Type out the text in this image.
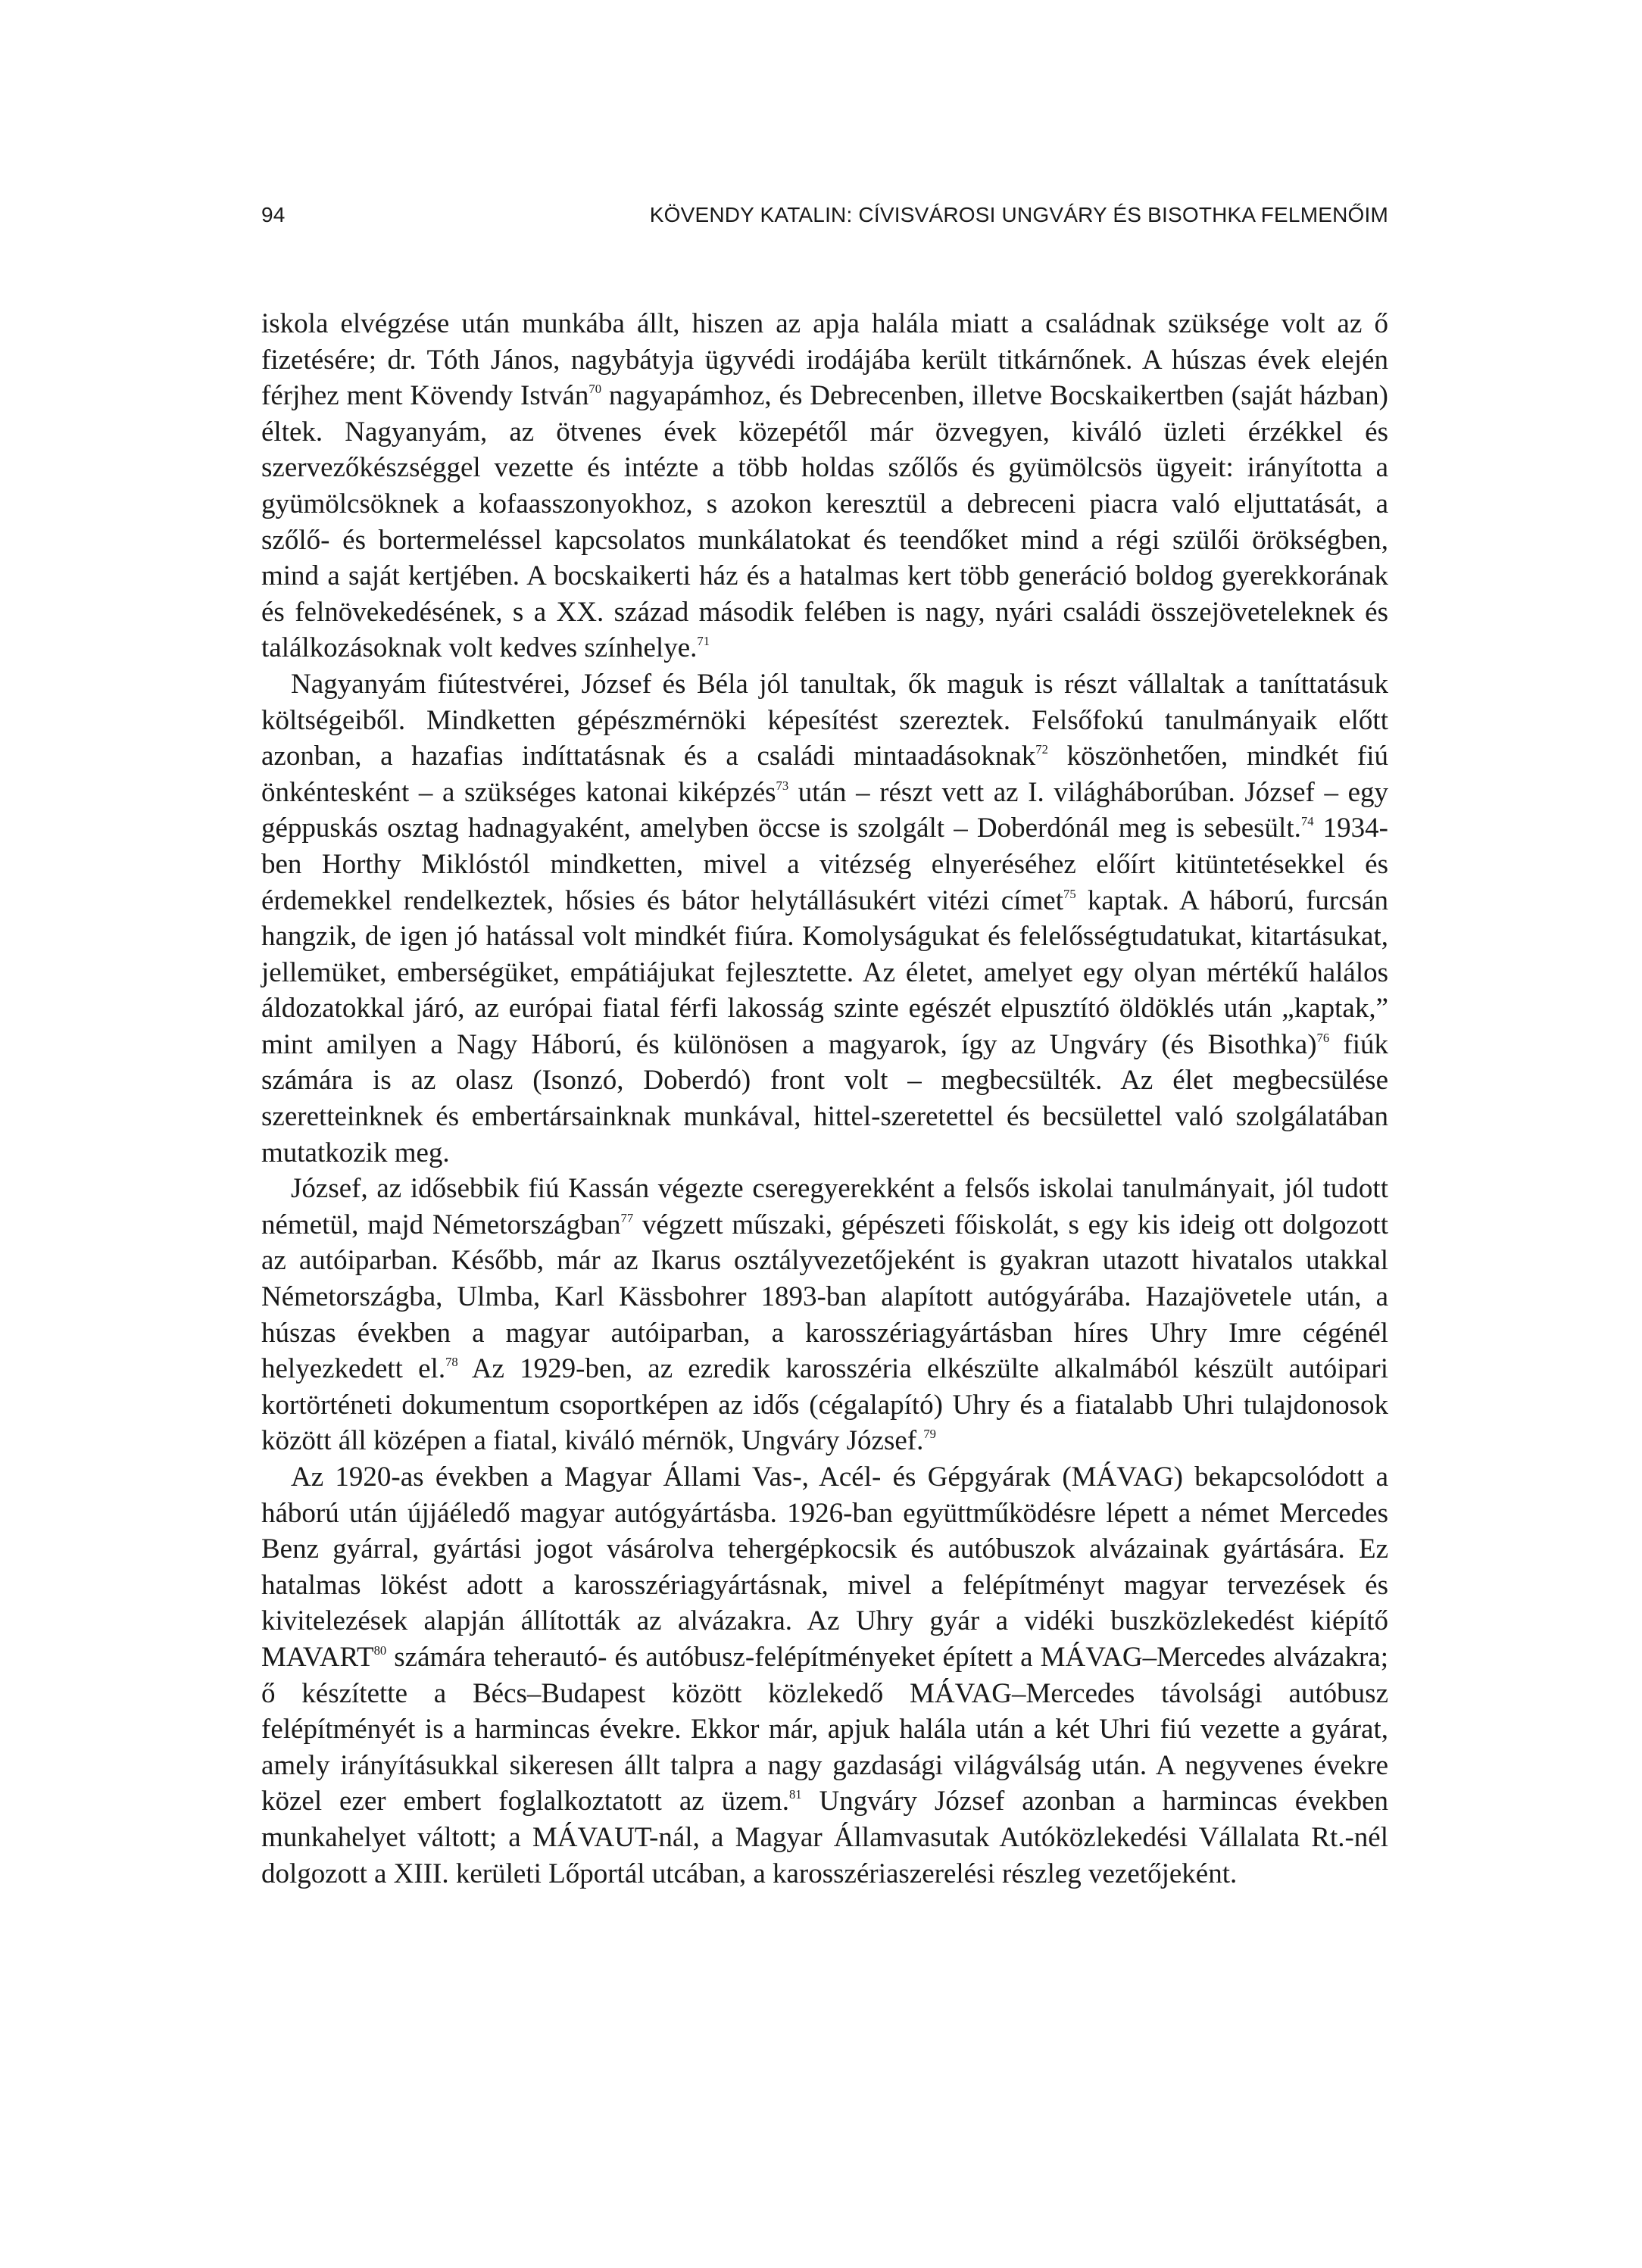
94	KÖVENDY KATALIN: CÍVISVÁROSI UNGVÁRY ÉS BISOTHKA FELMENŐIM

iskola elvégzése után munkába állt, hiszen az apja halála miatt a családnak szüksége volt az ő fizetésére; dr. Tóth János, nagybátyja ügyvédi irodájába került titkárnőnek. A húszas évek elején férjhez ment Kövendy István$^{70}$ nagyapámhoz, és Debrecenben, illetve Bocskaikertben (saját házban) éltek. Nagyanyám, az ötvenes évek közepétől már özvegyen, kiváló üzleti érzékkel és szervezőkészséggel vezette és intézte a több holdas szőlős és gyümölcsös ügyeit: irányította a gyümölcsöknek a kofaasszonyokhoz, s azokon keresztül a debreceni piacra való eljuttatását, a szőlő- és bortermeléssel kapcsolatos munkálatokat és teendőket mind a régi szülői örökségben, mind a saját kertjében. A bocskaikerti ház és a hatalmas kert több generáció boldog gyerekkorának és felnövekedésének, s a XX. század második felében is nagy, nyári családi összejöveteleknek és találkozásoknak volt kedves színhelye.$^{71}$

Nagyanyám fiútestvérei, József és Béla jól tanultak, ők maguk is részt vállaltak a taníttatásuk költségeiből. Mindketten gépészmérnöki képesítést szereztek. Felsőfokú tanulmányaik előtt azonban, a hazafias indíttatásnak és a családi mintaadásoknak$^{72}$ köszönhetően, mindkét fiú önkéntesként – a szükséges katonai kiképzés$^{73}$ után – részt vett az I. világháborúban. József – egy géppuskás osztag hadnagyaként, amelyben öccse is szolgált – Doberdónál meg is sebesült.$^{74}$ 1934-ben Horthy Miklóstól mindketten, mivel a vitézség elnyeréséhez előírt kitüntetésekkel és érdemekkel rendelkeztek, hősies és bátor helytállásukért vitézi címet$^{75}$ kaptak. A háború, furcsán hangzik, de igen jó hatással volt mindkét fiúra. Komolyságukat és felelősségtudatukat, kitartásukat, jellemüket, emberségüket, empátiájukat fejlesztette. Az életet, amelyet egy olyan mértékű halálos áldozatokkal járó, az európai fiatal férfi lakosság szinte egészét elpusztító öldöklés után „kaptak,” mint amilyen a Nagy Háború, és különösen a magyarok, így az Ungváry (és Bisothka)$^{76}$ fiúk számára is az olasz (Isonzó, Doberdó) front volt – megbecsülték. Az élet megbecsülése szeretteinknek és embertársainknak munkával, hittel-szeretettel és becsülettel való szolgálatában mutatkozik meg.

József, az idősebbik fiú Kassán végezte cseregyerekként a felsős iskolai tanulmányait, jól tudott németül, majd Németországban$^{77}$ végzett műszaki, gépészeti főiskolát, s egy kis ideig ott dolgozott az autóiparban. Később, már az Ikarus osztályvezetőjeként is gyakran utazott hivatalos utakkal Németországba, Ulmba, Karl Kässbohrer 1893-ban alapított autógyárába. Hazajövetele után, a húszas években a magyar autóiparban, a karosszériagyártásban híres Uhry Imre cégénél helyezkedett el.$^{78}$ Az 1929-ben, az ezredik karosszéria elkészülte alkalmából készült autóipari kortörténeti dokumentum csoportképen az idős (cégalapító) Uhry és a fiatalabb Uhri tulajdonosok között áll középen a fiatal, kiváló mérnök, Ungváry József.$^{79}$

Az 1920-as években a Magyar Állami Vas-, Acél- és Gépgyárak (MÁVAG) bekapcsolódott a háború után újjáéledő magyar autógyártásba. 1926-ban együttműködésre lépett a német Mercedes Benz gyárral, gyártási jogot vásárolva tehergépkocsik és autóbuszok alvázainak gyártására. Ez hatalmas lökést adott a karosszériagyártásnak, mivel a felépítményt magyar tervezések és kivitelezések alapján állították az alvázakra. Az Uhry gyár a vidéki buszközlekedést kiépítő MAVART$^{80}$ számára teherautó- és autóbusz-felépítményeket épített a MÁVAG–Mercedes alvázakra; ő készítette a Bécs–Budapest között közlekedő MÁVAG–Mercedes távolsági autóbusz felépítményét is a harmincas évekre. Ekkor már, apjuk halála után a két Uhri fiú vezette a gyárat, amely irányításukkal sikeresen állt talpra a nagy gazdasági világválság után. A negyvenes évekre közel ezer embert foglalkoztatott az üzem.$^{81}$ Ungváry József azonban a harmincas években munkahelyet váltott; a MÁVAUT-nál, a Magyar Államvasutak Autóközlekedési Vállalata Rt.-nél dolgozott a XIII. kerületi Lőportál utcában, a karosszériaszerelési részleg vezetőjeként.
